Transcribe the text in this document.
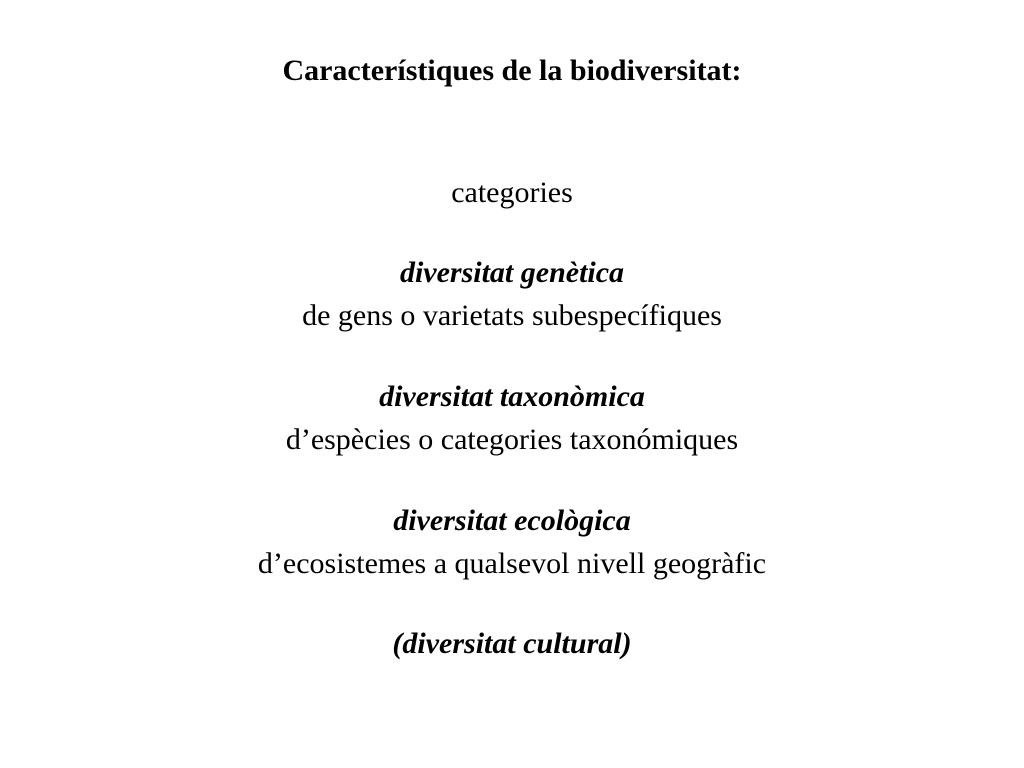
Característiques de la biodiversitat:
categories
diversitat genètica
de gens o varietats subespecífiques
diversitat taxonòmica
d’espècies o categories taxonómiques
diversitat ecològica
d’ecosistemes a qualsevol nivell geogràfic
(diversitat cultural)
